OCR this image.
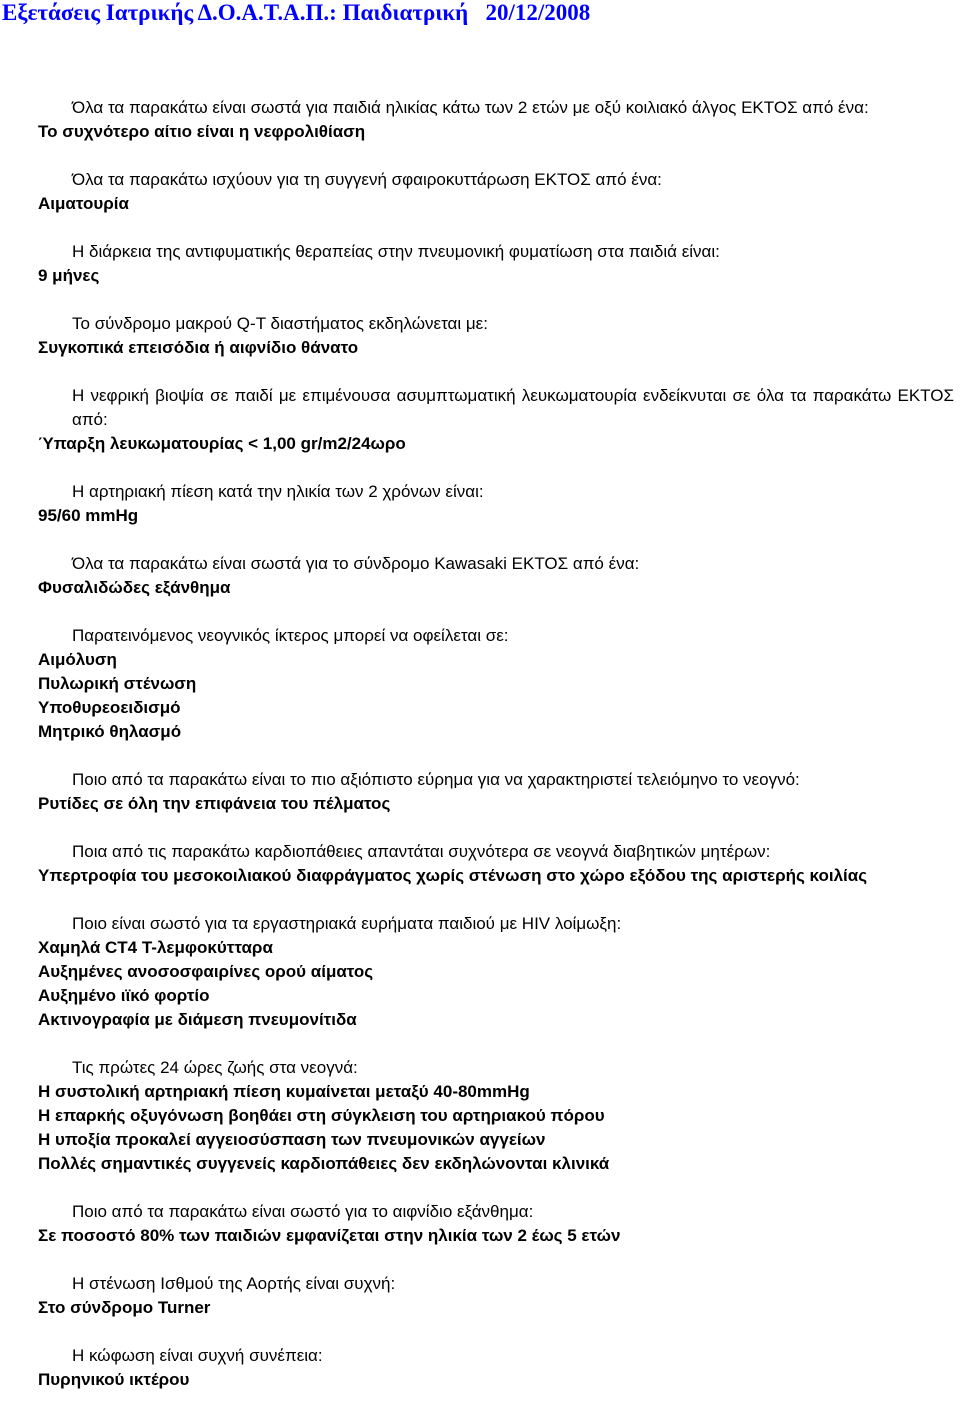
Εξετάσεις Ιατρικής Δ.Ο.Α.Τ.Α.Π.: Παιδιατρική 20/12/2008
Όλα τα παρακάτω είναι σωστά για παιδιά ηλικίας κάτω των 2 ετών με οξύ κοιλιακό άλγος ΕΚΤΟΣ από ένα:
Το συχνότερο αίτιο είναι η νεφρολιθίαση
Όλα τα παρακάτω ισχύουν για τη συγγενή σφαιροκυττάρωση ΕΚΤΟΣ από ένα:
Αιματουρία
Η διάρκεια της αντιφυματικής θεραπείας στην πνευμονική φυματίωση στα παιδιά είναι:
9 μήνες
Το σύνδρομο μακρού Q-T διαστήματος εκδηλώνεται με:
Συγκοπικά επεισόδια ή αιφνίδιο θάνατο
Η νεφρική βιοψία σε παιδί με επιμένουσα ασυμπτωματική λευκωματουρία ενδείκνυται σε όλα τα παρακάτω ΕΚΤΟΣ από:
Ύπαρξη λευκωματουρίας < 1,00 gr/m2/24ωρο
Η αρτηριακή πίεση κατά την ηλικία των 2 χρόνων είναι:
95/60 mmHg
Όλα τα παρακάτω είναι σωστά για το σύνδρομο Kawasaki ΕΚΤΟΣ από ένα:
Φυσαλιδώδες εξάνθημα
Παρατεινόμενος νεογνικός ίκτερος μπορεί να οφείλεται σε:
Αιμόλυση
Πυλωρική στένωση
Υποθυρεοειδισμό
Μητρικό θηλασμό
Ποιο από τα παρακάτω είναι το πιο αξιόπιστο εύρημα για να χαρακτηριστεί τελειόμηνο το νεογνό:
Ρυτίδες σε όλη την επιφάνεια του πέλματος
Ποια από τις παρακάτω καρδιοπάθειες απαντάται συχνότερα σε νεογνά διαβητικών μητέρων:
Υπερτροφία του μεσοκοιλιακού διαφράγματος χωρίς στένωση στο χώρο εξόδου της αριστερής κοιλίας
Ποιο είναι σωστό για τα εργαστηριακά ευρήματα παιδιού με HIV λοίμωξη:
Χαμηλά CT4 Τ-λεμφοκύτταρα
Αυξημένες ανοσοσφαιρίνες ορού αίματος
Αυξημένο ιϊκό φορτίο
Ακτινογραφία με διάμεση πνευμονίτιδα
Τις πρώτες 24 ώρες ζωής στα νεογνά:
Η συστολική αρτηριακή πίεση κυμαίνεται μεταξύ 40-80mmHg
Η επαρκής οξυγόνωση βοηθάει στη σύγκλειση του αρτηριακού πόρου
Η υποξία προκαλεί αγγειοσύσπαση των πνευμονικών αγγείων
Πολλές σημαντικές συγγενείς καρδιοπάθειες δεν εκδηλώνονται κλινικά
Ποιο από τα παρακάτω είναι σωστό για το αιφνίδιο εξάνθημα:
Σε ποσοστό 80% των παιδιών εμφανίζεται στην ηλικία των 2 έως 5 ετών
Η στένωση Ισθμού της Αορτής είναι συχνή:
Στο σύνδρομο Turner
Η κώφωση είναι συχνή συνέπεια:
Πυρηνικού ικτέρου
